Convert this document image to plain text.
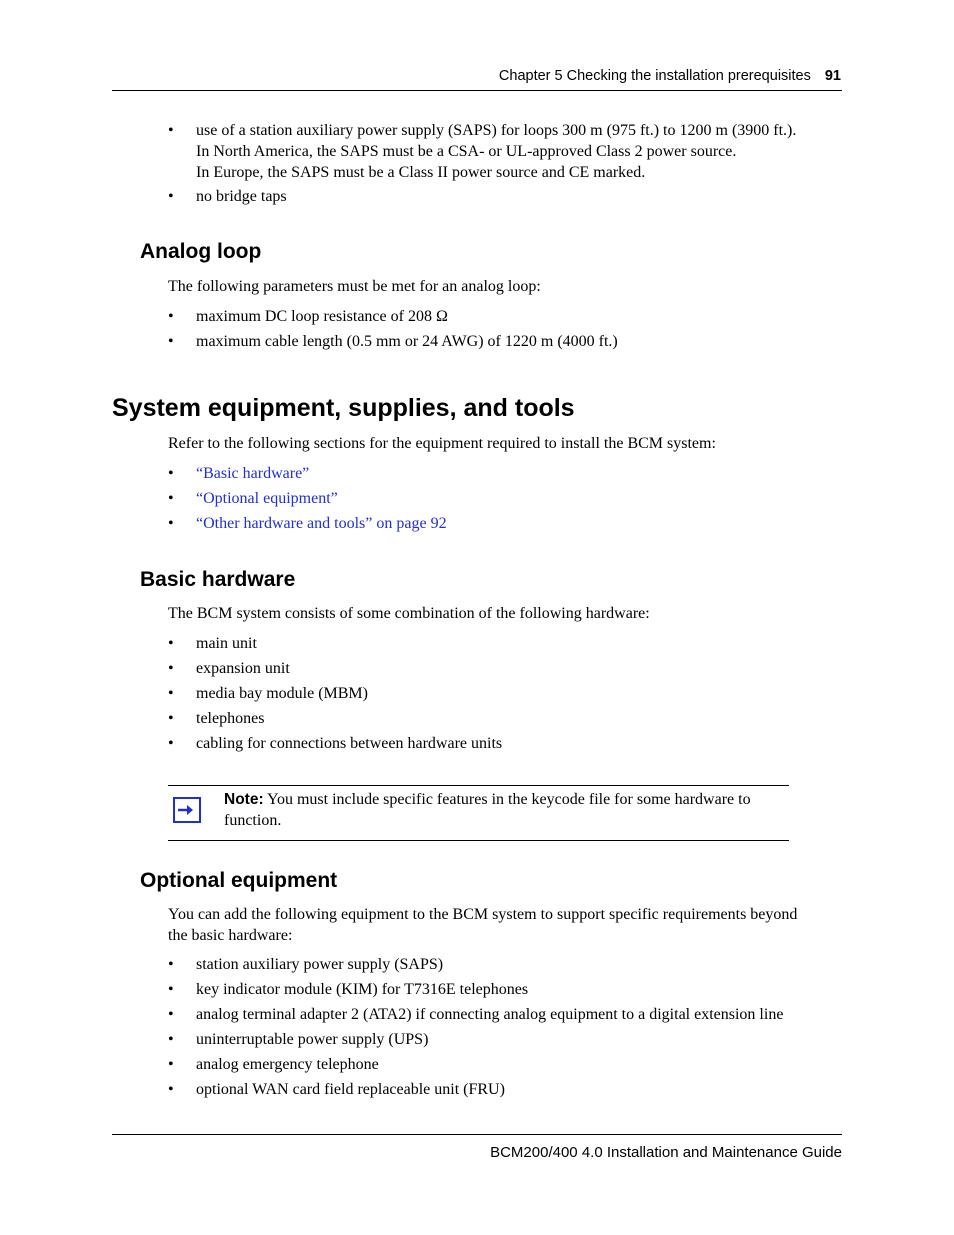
Chapter 5 Checking the installation prerequisites 91
• use of a station auxiliary power supply (SAPS) for loops 300 m (975 ft.) to 1200 m (3900 ft.).
In North America, the SAPS must be a CSA- or UL-approved Class 2 power source.
In Europe, the SAPS must be a Class II power source and CE marked.
• no bridge taps
Analog loop
The following parameters must be met for an analog loop:
• maximum DC loop resistance of 208 Ω
• maximum cable length (0.5 mm or 24 AWG) of 1220 m (4000 ft.)
System equipment, supplies, and tools
Refer to the following sections for the equipment required to install the BCM system:
• “Basic hardware”
• “Optional equipment”
• “Other hardware and tools” on page 92
Basic hardware
The BCM system consists of some combination of the following hardware:
• main unit
• expansion unit
• media bay module (MBM)
• telephones
• cabling for connections between hardware units
Note: You must include specific features in the keycode file for some hardware to function.
Optional equipment
You can add the following equipment to the BCM system to support specific requirements beyond
the basic hardware:
• station auxiliary power supply (SAPS)
• key indicator module (KIM) for T7316E telephones
• analog terminal adapter 2 (ATA2) if connecting analog equipment to a digital extension line
• uninterruptable power supply (UPS)
• analog emergency telephone
• optional WAN card field replaceable unit (FRU)
BCM200/400 4.0 Installation and Maintenance Guide
